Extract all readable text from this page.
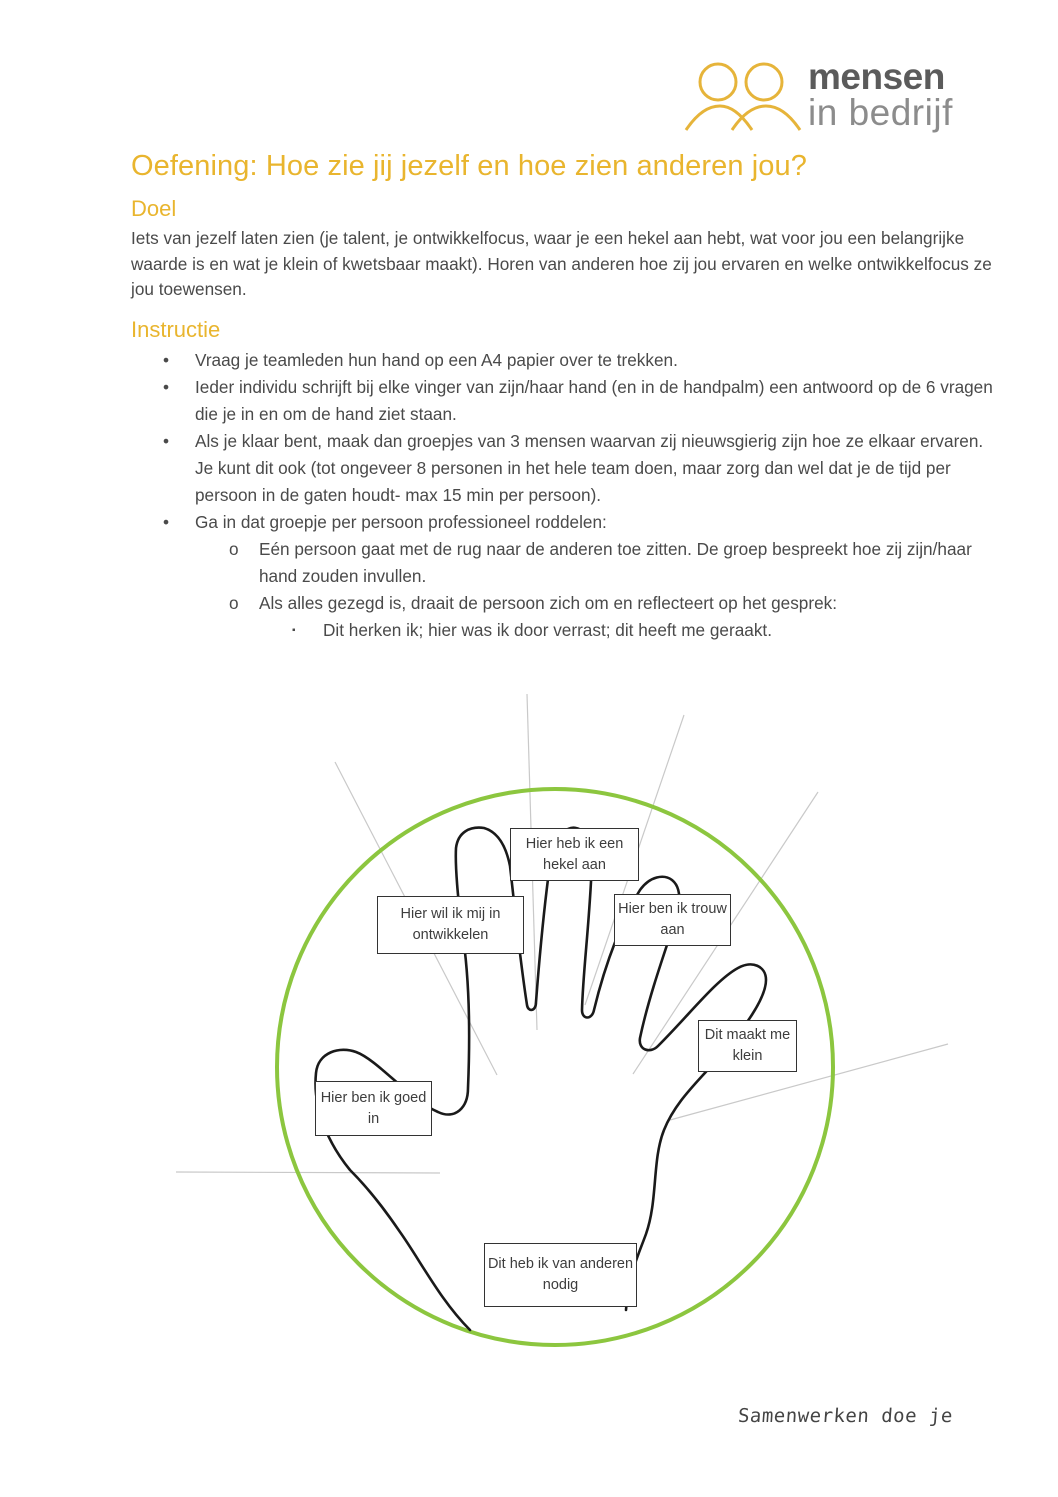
mensen
in bedrijf
Oefening: Hoe zie jij jezelf en hoe zien anderen jou?
Doel

Iets van jezelf laten zien (je talent, je ontwikkelfocus, waar je een hekel aan hebt, wat voor jou een belangrijke waarde is en wat je klein of kwetsbaar maakt). Horen van anderen hoe zij jou ervaren en welke ontwikkelfocus ze jou toewensen.

Instructie
• Vraag je teamleden hun hand op een A4 papier over te trekken.
• Ieder individu schrijft bij elke vinger van zijn/haar hand (en in de handpalm) een antwoord op de 6 vragen die je in en om de hand ziet staan.
• Als je klaar bent, maak dan groepjes van 3 mensen waarvan zij nieuwsgierig zijn hoe ze elkaar ervaren. Je kunt dit ook (tot ongeveer 8 personen in het hele team doen, maar zorg dan wel dat je de tijd per persoon in de gaten houdt- max 15 min per persoon).
• Ga in dat groepje per persoon professioneel roddelen:
o Eén persoon gaat met de rug naar de anderen toe zitten. De groep bespreekt hoe zij zijn/haar hand zouden invullen.
o Als alles gezegd is, draait de persoon zich om en reflecteert op het gesprek:
▪ Dit herken ik; hier was ik door verrast; dit heeft me geraakt.
Hier heb ik een hekel aan
Hier wil ik mij in ontwikkelen
Hier ben ik trouw aan
Dit maakt me klein
Hier ben ik goed in
Dit heb ik van anderen nodig
Samenwerken doe je
